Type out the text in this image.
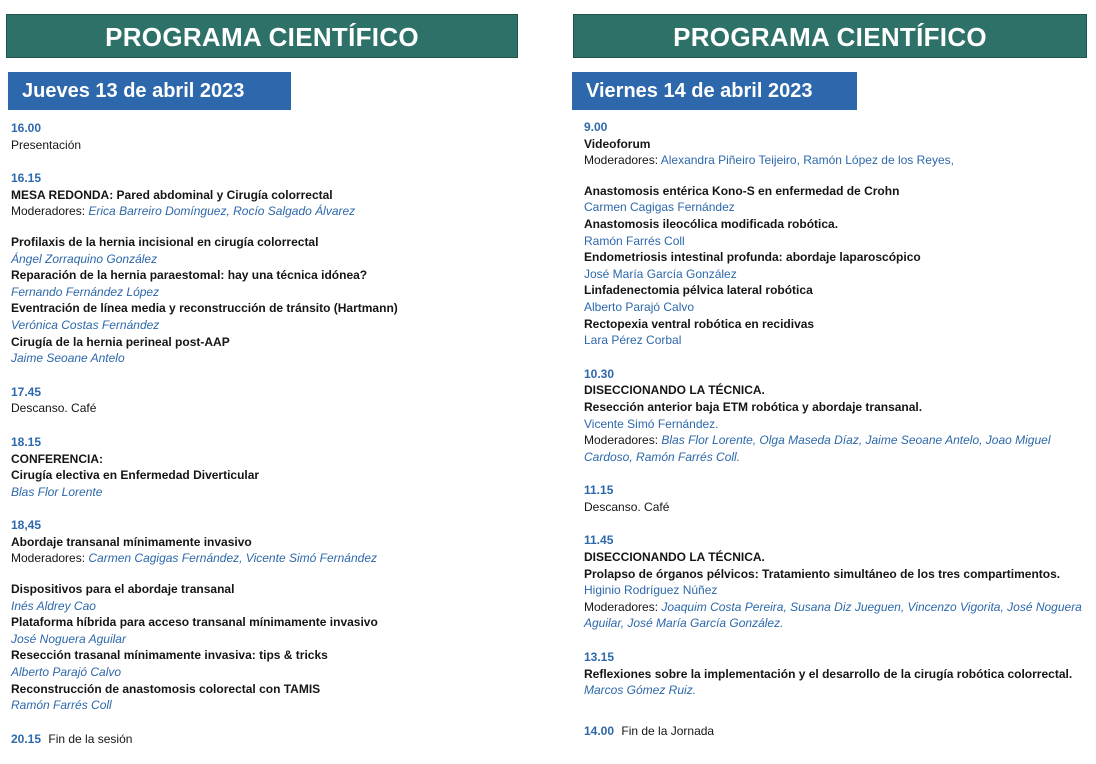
PROGRAMA CIENTÍFICO
Jueves 13 de abril 2023
16.00
Presentación
16.15
MESA REDONDA: Pared abdominal y Cirugía colorrectal
Moderadores: Erica Barreiro Domínguez, Rocío Salgado Álvarez
Profilaxis de la hernia incisional en cirugía colorrectal
Ángel Zorraquino González
Reparación de la hernia paraestomal: hay una técnica idónea?
Fernando Fernández López
Eventración de línea media y reconstrucción de tránsito (Hartmann)
Verónica Costas Fernández
Cirugía de la hernia perineal post-AAP
Jaime Seoane Antelo
17.45
Descanso. Café
18.15
CONFERENCIA:
Cirugía electiva en Enfermedad Diverticular
Blas Flor Lorente
18,45
Abordaje transanal mínimamente invasivo
Moderadores: Carmen Cagigas Fernández, Vicente Simó Fernández
Dispositivos para el abordaje transanal
Inés Aldrey Cao
Plataforma híbrida para acceso transanal mínimamente invasivo
José Noguera Aguilar
Resección trasanal mínimamente invasiva: tips & tricks
Alberto Parajó Calvo
Reconstrucción de anastomosis colorectal con TAMIS
Ramón Farrés Coll
20.15 Fin de la sesión
PROGRAMA CIENTÍFICO
Viernes 14 de abril 2023
9.00
Videoforum
Moderadores: Alexandra Piñeiro Teijeiro, Ramón López de los Reyes,
Anastomosis entérica Kono-S en enfermedad de Crohn
Carmen Cagigas Fernández
Anastomosis ileocólica modificada robótica.
Ramón Farrés Coll
Endometriosis intestinal profunda: abordaje laparoscópico
José María García González
Linfadenectomia pélvica lateral robótica
Alberto Parajó Calvo
Rectopexia ventral robótica en recidivas
Lara Pérez Corbal
10.30
DISECCIONANDO LA TÉCNICA.
Resección anterior baja ETM robótica y abordaje transanal.
Vicente Simó Fernández.
Moderadores: Blas Flor Lorente, Olga Maseda Díaz, Jaime Seoane Antelo, Joao Miguel
Cardoso, Ramón Farrés Coll.
11.15
Descanso. Café
11.45
DISECCIONANDO LA TÉCNICA.
Prolapso de órganos pélvicos: Tratamiento simultáneo de los tres compartimentos.
Higinio Rodríguez Núñez
Moderadores: Joaquim Costa Pereira, Susana Diz Jueguen, Vincenzo Vigorita, José Noguera
Aguilar, José María García González.
13.15
Reflexiones sobre la implementación y el desarrollo de la cirugía robótica colorrectal.
Marcos Gómez Ruiz.
14.00 Fin de la Jornada
